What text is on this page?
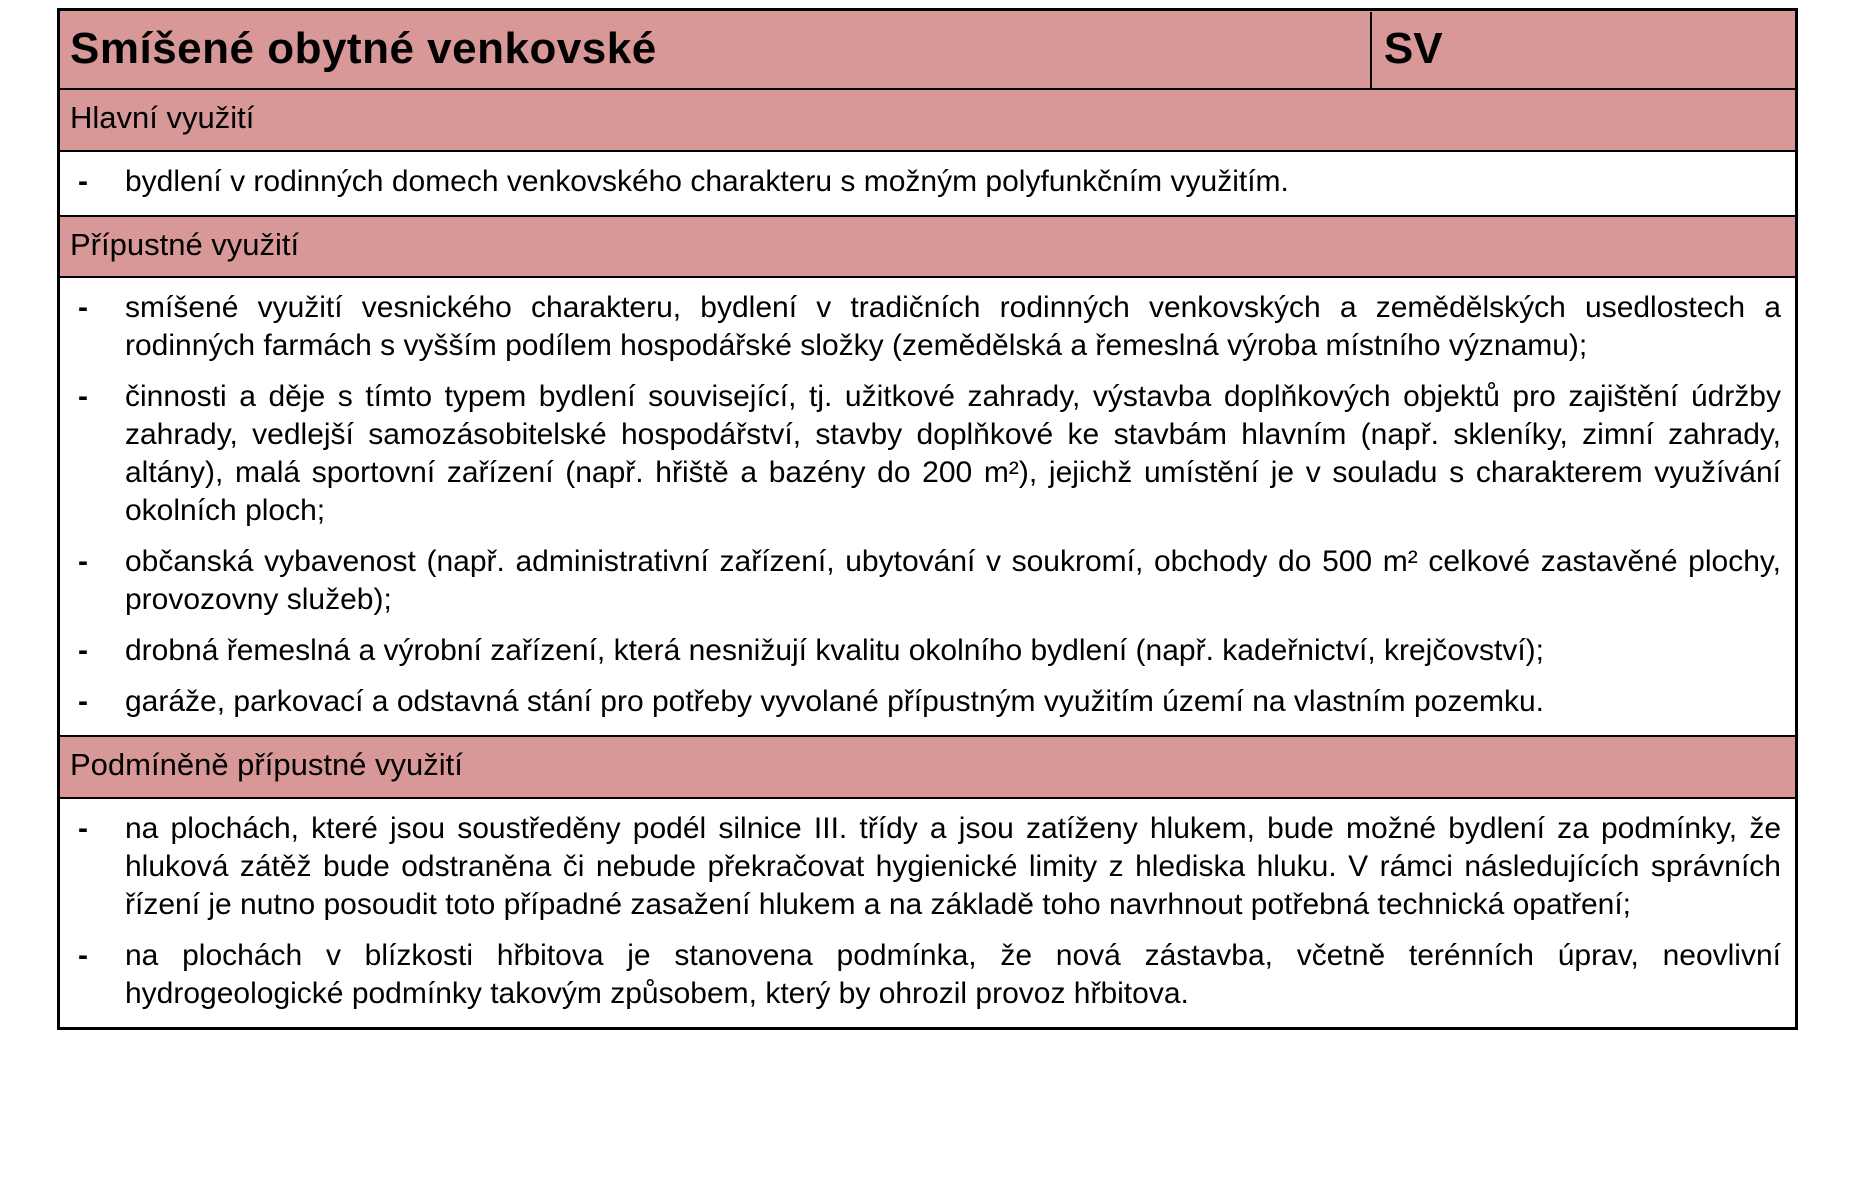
Smíšené obytné venkovské	SV
Hlavní využití
-	bydlení v rodinných domech venkovského charakteru s možným polyfunkčním využitím.

Přípustné využití
-	smíšené využití vesnického charakteru, bydlení v tradičních rodinných venkovských a zemědělských usedlostech a rodinných farmách s vyšším podílem hospodářské složky (zemědělská a řemeslná výroba místního významu);

-	činnosti a děje s tímto typem bydlení související, tj. užitkové zahrady, výstavba doplňkových objektů pro zajištění údržby zahrady, vedlejší samozásobitelské hospodářství, stavby doplňkové ke stavbám hlavním (např. skleníky, zimní zahrady, altány), malá sportovní zařízení (např. hřiště a bazény do 200 m²), jejichž umístění je v souladu s charakterem využívání okolních ploch;

-	občanská vybavenost (např. administrativní zařízení, ubytování v soukromí, obchody do 500 m² celkové zastavěné plochy, provozovny služeb);

-	drobná řemeslná a výrobní zařízení, která nesnižují kvalitu okolního bydlení (např. kadeřnictví, krejčovství);

-	garáže, parkovací a odstavná stání pro potřeby vyvolané přípustným využitím území na vlastním pozemku.

Podmíněně přípustné využití
-	na plochách, které jsou soustředěny podél silnice III. třídy a jsou zatíženy hlukem, bude možné bydlení za podmínky, že hluková zátěž bude odstraněna či nebude překračovat hygienické limity z hlediska hluku. V rámci následujících správních řízení je nutno posoudit toto případné zasažení hlukem a na základě toho navrhnout potřebná technická opatření;

-	na plochách v blízkosti hřbitova je stanovena podmínka, že nová zástavba, včetně terénních úprav, neovlivní hydrogeologické podmínky takovým způsobem, který by ohrozil provoz hřbitova.
